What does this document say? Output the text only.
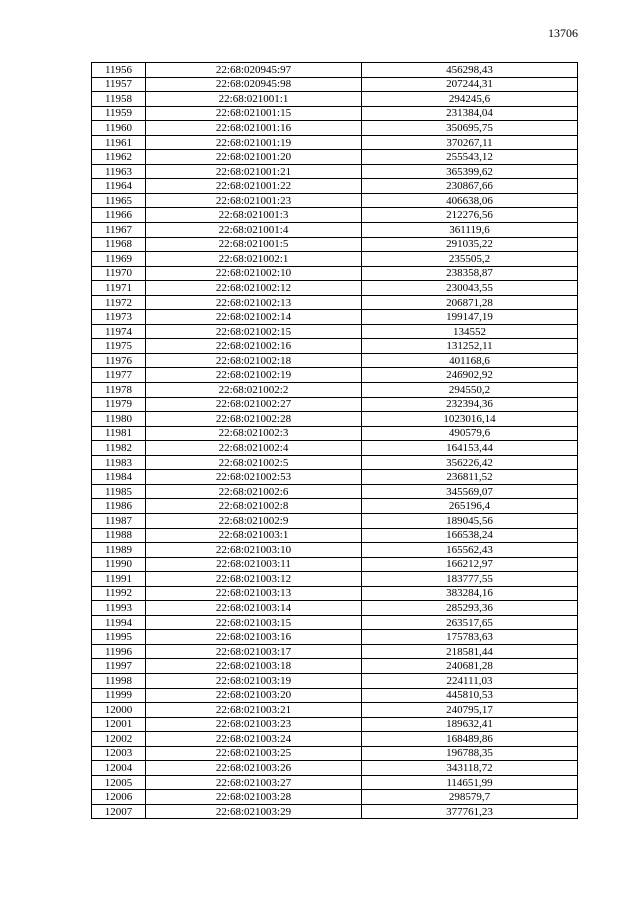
13706
11956	22:68:020945:97	456298,43
11957	22:68:020945:98	207244,31
11958	22:68:021001:1	294245,6
11959	22:68:021001:15	231384,04
11960	22:68:021001:16	350695,75
11961	22:68:021001:19	370267,11
11962	22:68:021001:20	255543,12
11963	22:68:021001:21	365399,62
11964	22:68:021001:22	230867,66
11965	22:68:021001:23	406638,06
11966	22:68:021001:3	212276,56
11967	22:68:021001:4	361119,6
11968	22:68:021001:5	291035,22
11969	22:68:021002:1	235505,2
11970	22:68:021002:10	238358,87
11971	22:68:021002:12	230043,55
11972	22:68:021002:13	206871,28
11973	22:68:021002:14	199147,19
11974	22:68:021002:15	134552
11975	22:68:021002:16	131252,11
11976	22:68:021002:18	401168,6
11977	22:68:021002:19	246902,92
11978	22:68:021002:2	294550,2
11979	22:68:021002:27	232394,36
11980	22:68:021002:28	1023016,14
11981	22:68:021002:3	490579,6
11982	22:68:021002:4	164153,44
11983	22:68:021002:5	356226,42
11984	22:68:021002:53	236811,52
11985	22:68:021002:6	345569,07
11986	22:68:021002:8	265196,4
11987	22:68:021002:9	189045,56
11988	22:68:021003:1	166538,24
11989	22:68:021003:10	165562,43
11990	22:68:021003:11	166212,97
11991	22:68:021003:12	183777,55
11992	22:68:021003:13	383284,16
11993	22:68:021003:14	285293,36
11994	22:68:021003:15	263517,65
11995	22:68:021003:16	175783,63
11996	22:68:021003:17	218581,44
11997	22:68:021003:18	240681,28
11998	22:68:021003:19	224111,03
11999	22:68:021003:20	445810,53
12000	22:68:021003:21	240795,17
12001	22:68:021003:23	189632,41
12002	22:68:021003:24	168489,86
12003	22:68:021003:25	196788,35
12004	22:68:021003:26	343118,72
12005	22:68:021003:27	114651,99
12006	22:68:021003:28	298579,7
12007	22:68:021003:29	377761,23
